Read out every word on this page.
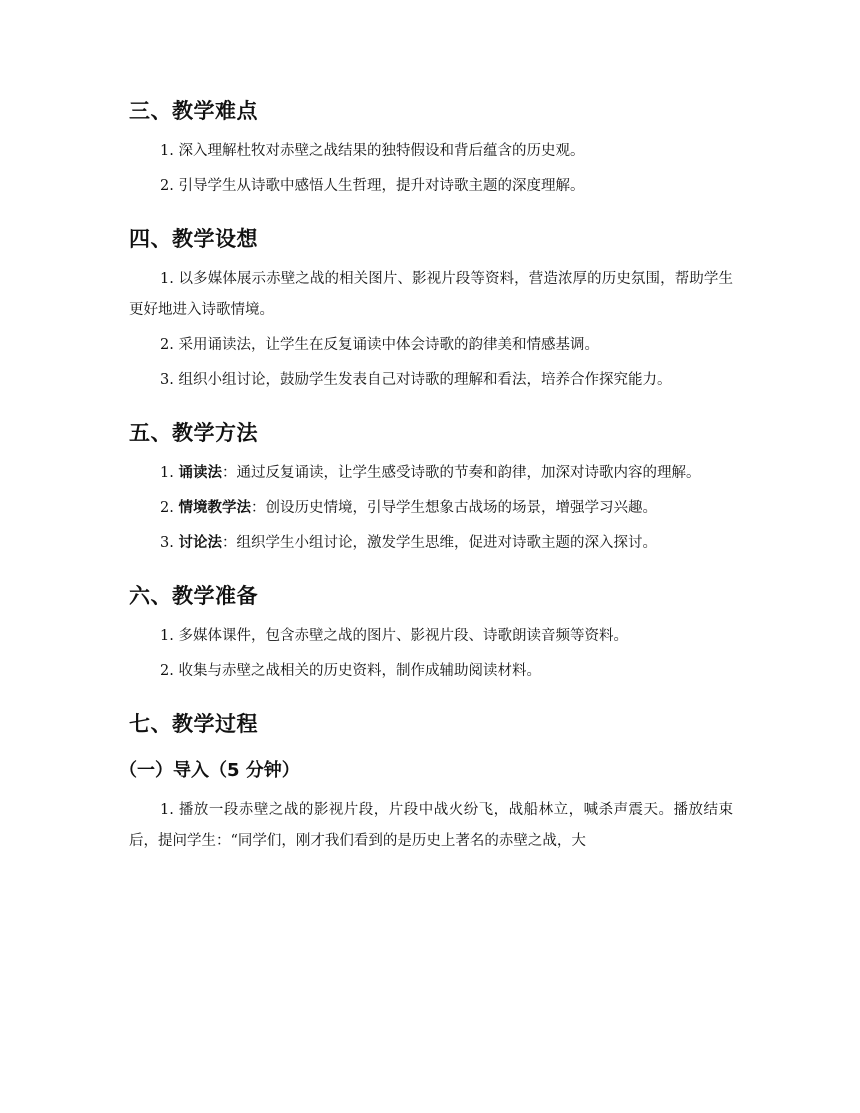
三、教学难点

1. 深入理解杜牧对赤壁之战结果的独特假设和背后蕴含的历史观。

2. 引导学生从诗歌中感悟人生哲理，提升对诗歌主题的深度理解。

四、教学设想

1. 以多媒体展示赤壁之战的相关图片、影视片段等资料，营造浓厚的历史氛围，帮助学生更好地进入诗歌情境。

2. 采用诵读法，让学生在反复诵读中体会诗歌的韵律美和情感基调。

3. 组织小组讨论，鼓励学生发表自己对诗歌的理解和看法，培养合作探究能力。

五、教学方法

1. 诵读法：通过反复诵读，让学生感受诗歌的节奏和韵律，加深对诗歌内容的理解。

2. 情境教学法：创设历史情境，引导学生想象古战场的场景，增强学习兴趣。

3. 讨论法：组织学生小组讨论，激发学生思维，促进对诗歌主题的深入探讨。

六、教学准备

1. 多媒体课件，包含赤壁之战的图片、影视片段、诗歌朗读音频等资料。

2. 收集与赤壁之战相关的历史资料，制作成辅助阅读材料。

七、教学过程
（一）导入（5 分钟）

1. 播放一段赤壁之战的影视片段，片段中战火纷飞，战船林立，喊杀声震天。播放结束后，提问学生：“同学们，刚才我们看到的是历史上著名的赤壁之战，大
